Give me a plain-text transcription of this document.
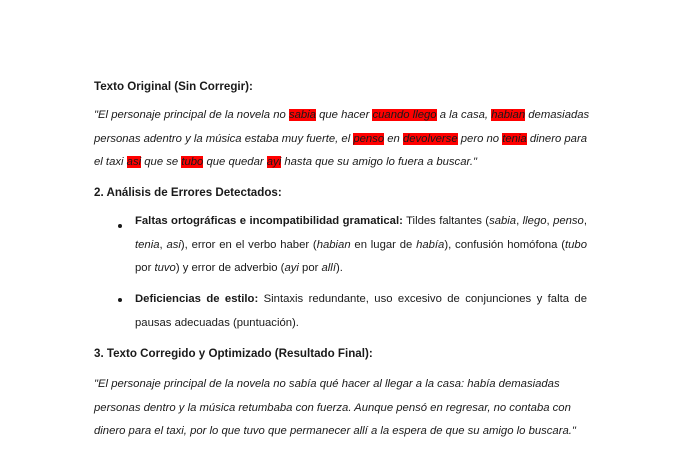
Texto Original (Sin Corregir):
"El personaje principal de la novela no sabia que hacer cuando llego a la casa, habian demasiadas personas adentro y la música estaba muy fuerte, el penso en devolverse pero no tenia dinero para el taxi asi que se tubo que quedar ayi hasta que su amigo lo fuera a buscar."
2. Análisis de Errores Detectados:
Faltas ortográficas e incompatibilidad gramatical: Tildes faltantes (sabia, llego, penso, tenia, asi), error en el verbo haber (habian en lugar de había), confusión homófona (tubo por tuvo) y error de adverbio (ayi por allí).
Deficiencias de estilo: Sintaxis redundante, uso excesivo de conjunciones y falta de pausas adecuadas (puntuación).
3. Texto Corregido y Optimizado (Resultado Final):
"El personaje principal de la novela no sabía qué hacer al llegar a la casa: había demasiadas personas dentro y la música retumbaba con fuerza. Aunque pensó en regresar, no contaba con dinero para el taxi, por lo que tuvo que permanecer allí a la espera de que su amigo lo buscara."
